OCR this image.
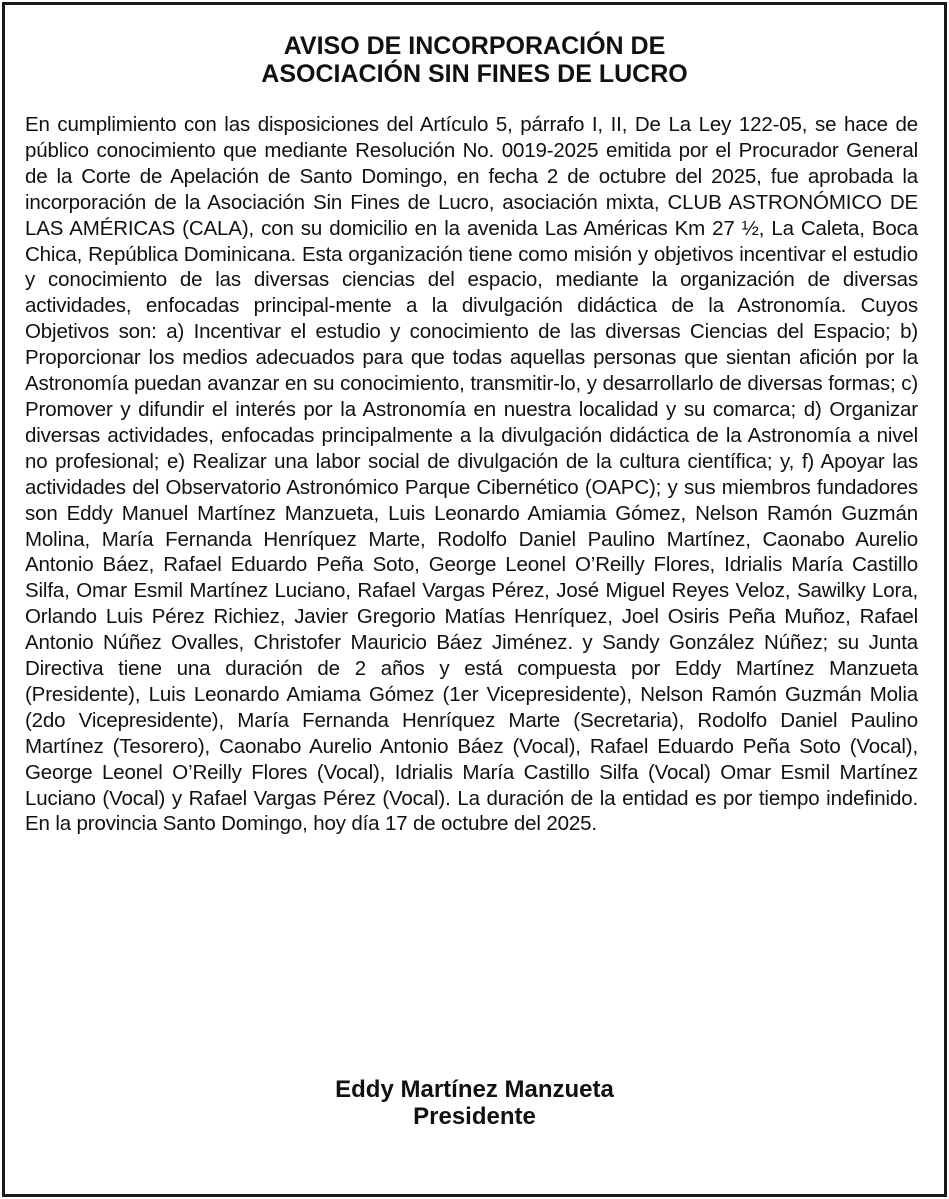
AVISO DE INCORPORACIÓN DE
ASOCIACIÓN SIN FINES DE LUCRO

En cumplimiento con las disposiciones del Artículo 5, párrafo I, II, De La Ley 122-05, se hace de público conocimiento que mediante Resolución No. 0019-2025 emitida por el Procurador General de la Corte de Apelación de Santo Domingo, en fecha 2 de octubre del 2025, fue aprobada la incorporación de la Asociación Sin Fines de Lucro, asociación mixta, CLUB ASTRONÓMICO DE LAS AMÉRICAS (CALA), con su domicilio en la avenida Las Américas Km 27 ½, La Caleta, Boca Chica, República Dominicana. Esta organización tiene como misión y objetivos incentivar el estudio y conocimiento de las diversas ciencias del espacio, mediante la organización de diversas actividades, enfocadas principal-mente a la divulgación didáctica de la Astronomía. Cuyos Objetivos son: a) Incentivar el estudio y conocimiento de las diversas Ciencias del Espacio; b) Proporcionar los medios adecuados para que todas aquellas personas que sientan afición por la Astronomía puedan avanzar en su conocimiento, transmitir-lo, y desarrollarlo de diversas formas; c) Promover y difundir el interés por la Astronomía en nuestra localidad y su comarca; d) Organizar diversas actividades, enfocadas principalmente a la divulgación didáctica de la Astronomía a nivel no profesional; e) Realizar una labor social de divulgación de la cultura científica; y, f) Apoyar las actividades del Observatorio Astronómico Parque Cibernético (OAPC); y sus miembros fundadores son Eddy Manuel Martínez Manzueta, Luis Leonardo Amiamia Gómez, Nelson Ramón Guzmán Molina, María Fernanda Henríquez Marte, Rodolfo Daniel Paulino Martínez, Caonabo Aurelio Antonio Báez, Rafael Eduardo Peña Soto, George Leonel O’Reilly Flores, Idrialis María Castillo Silfa, Omar Esmil Martínez Luciano, Rafael Vargas Pérez, José Miguel Reyes Veloz, Sawilky Lora, Orlando Luis Pérez Richiez, Javier Gregorio Matías Henríquez, Joel Osiris Peña Muñoz, Rafael Antonio Núñez Ovalles, Christofer Mauricio Báez Jiménez. y Sandy González Núñez; su Junta Directiva tiene una duración de 2 años y está compuesta por Eddy Martínez Manzueta (Presidente), Luis Leonardo Amiama Gómez (1er Vicepresidente), Nelson Ramón Guzmán Molia (2do Vicepresidente), María Fernanda Henríquez Marte (Secretaria), Rodolfo Daniel Paulino Martínez (Tesorero), Caonabo Aurelio Antonio Báez (Vocal), Rafael Eduardo Peña Soto (Vocal), George Leonel O’Reilly Flores (Vocal), Idrialis María Castillo Silfa (Vocal) Omar Esmil Martínez Luciano (Vocal) y Rafael Vargas Pérez (Vocal). La duración de la entidad es por tiempo indefinido. En la provincia Santo Domingo, hoy día 17 de octubre del 2025.

Eddy Martínez Manzueta
Presidente
